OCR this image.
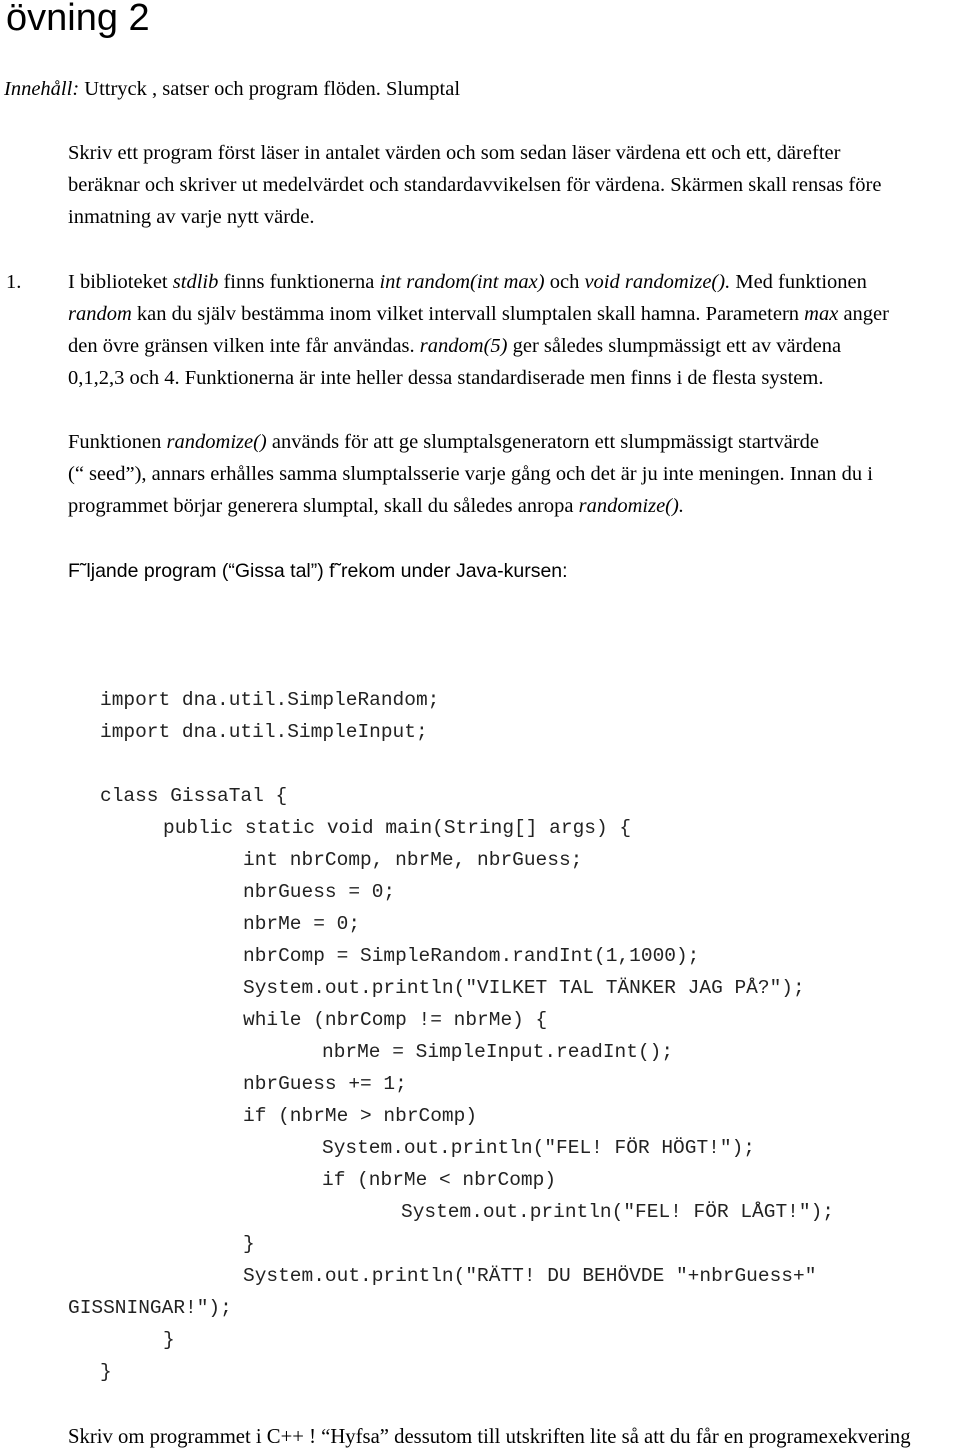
övning 2
Innehåll: Uttryck , satser och program flöden. Slumptal
Skriv ett program först läser in antalet värden och som sedan läser värdena ett och ett, därefter
beräknar och skriver ut medelvärdet och standardavvikelsen för värdena. Skärmen skall rensas före
inmatning av varje nytt värde.
1. I biblioteket stdlib finns funktionerna int random(int max) och void randomize(). Med funktionen
random kan du själv bestämma inom vilket intervall slumptalen skall hamna. Parametern max anger
den övre gränsen vilken inte får användas. random(5) ger således slumpmässigt ett av värdena
0,1,2,3 och 4. Funktionerna är inte heller dessa standardiserade men finns i de flesta system.
Funktionen randomize() används för att ge slumptalsgeneratorn ett slumpmässigt startvärde
(“ seed”), annars erhålles samma slumptalsserie varje gång och det är ju inte meningen. Innan du i
programmet börjar generera slumptal, skall du således anropa randomize().
F˜ljande program (“Gissa tal”) f˜rekom under Java-kursen:
import dna.util.SimpleRandom;
import dna.util.SimpleInput;
class GissaTal {
public static void main(String[] args) {
int nbrComp, nbrMe, nbrGuess;
nbrGuess = 0;
nbrMe = 0;
nbrComp = SimpleRandom.randInt(1,1000);
System.out.println("VILKET TAL TÄNKER JAG PÅ?");
while (nbrComp != nbrMe) {
nbrMe = SimpleInput.readInt();
nbrGuess += 1;
if (nbrMe > nbrComp)
System.out.println("FEL! FÖR HÖGT!");
if (nbrMe < nbrComp)
System.out.println("FEL! FÖR LÅGT!");
}
System.out.println("RÄTT! DU BEHÖVDE "+nbrGuess+"
GISSNINGAR!");
}
}
Skriv om programmet i C++ ! “Hyfsa” dessutom till utskriften lite så att du får en programexekvering
